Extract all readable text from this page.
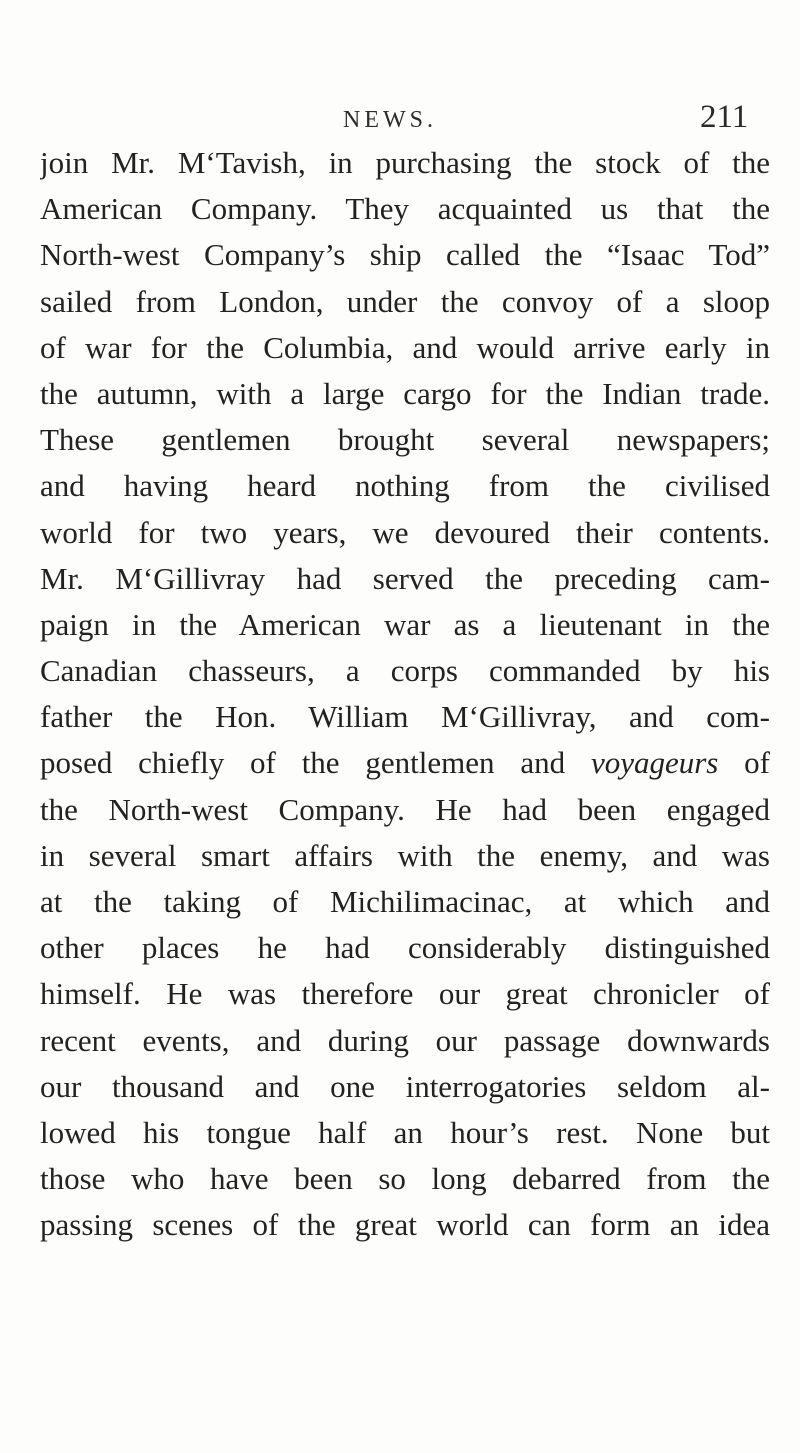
NEWS.	211
join Mr. M‘Tavish, in purchasing the stock of the
American Company. They acquainted us that the
North-west Company’s ship called the “Isaac Tod”
sailed from London, under the convoy of a sloop
of war for the Columbia, and would arrive early in
the autumn, with a large cargo for the Indian trade.
These gentlemen brought several newspapers;
and having heard nothing from the civilised
world for two years, we devoured their contents.
Mr. M‘Gillivray had served the preceding cam-
paign in the American war as a lieutenant in the
Canadian chasseurs, a corps commanded by his
father the Hon. William M‘Gillivray, and com-
posed chiefly of the gentlemen and voyageurs of
the North-west Company. He had been engaged
in several smart affairs with the enemy, and was
at the taking of Michilimacinac, at which and
other places he had considerably distinguished
himself. He was therefore our great chronicler of
recent events, and during our passage downwards
our thousand and one interrogatories seldom al-
lowed his tongue half an hour’s rest. None but
those who have been so long debarred from the
passing scenes of the great world can form an idea
